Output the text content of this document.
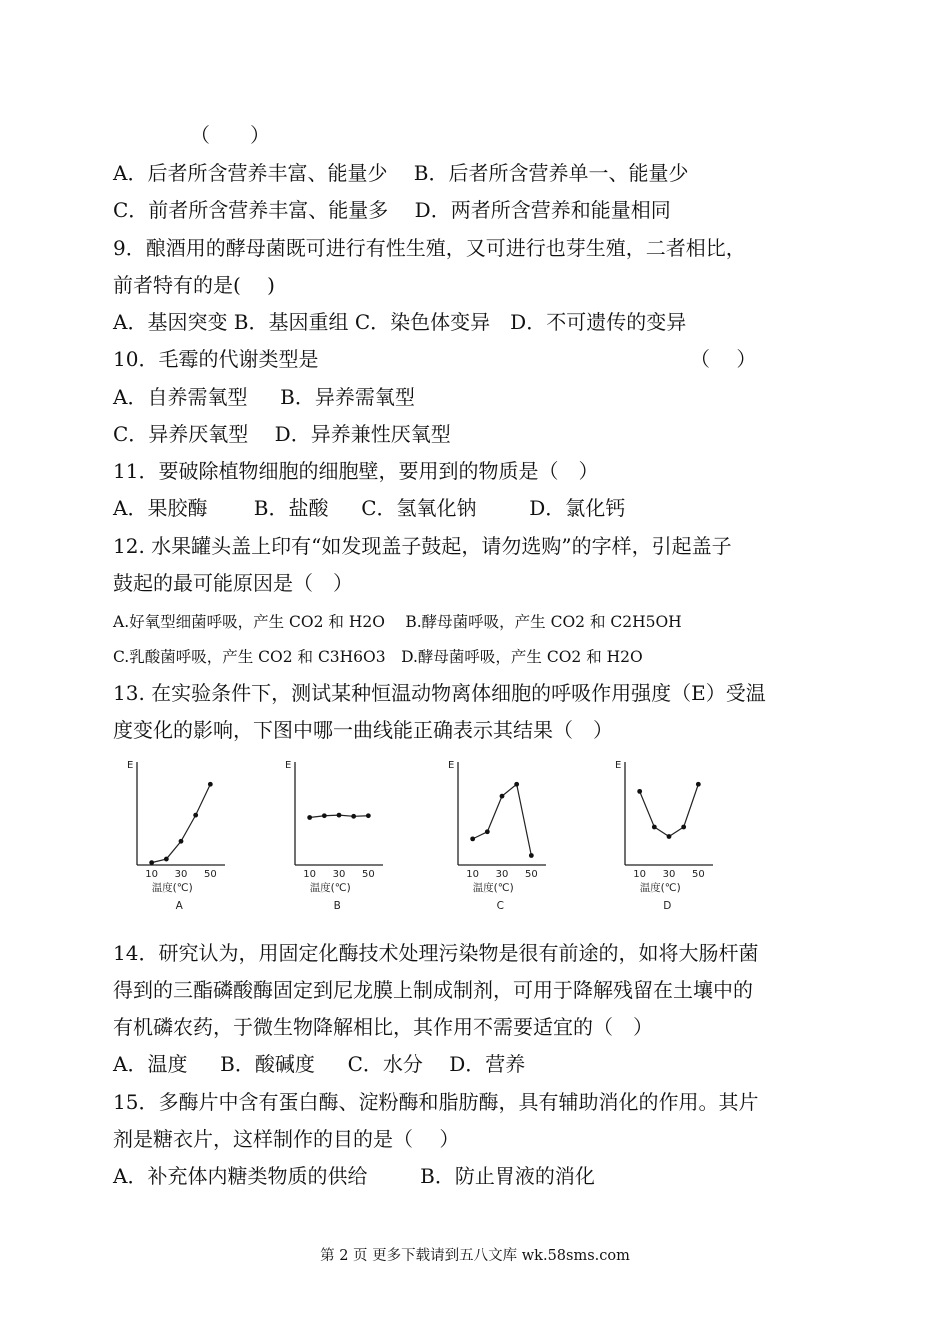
（　　）
A．后者所含营养丰富、能量少　 B．后者所含营养单一、能量少
C．前者所含营养丰富、能量多　 D．两者所含营养和能量相同
9．酿酒用的酵母菌既可进行有性生殖，又可进行也芽生殖，二者相比，
前者特有的是(　 )
A．基因突变 B．基因重组 C．染色体变异　D．不可遗传的变异
10．毛霉的代谢类型是	（　 ）
A．自养需氧型 　 B．异养需氧型
C．异养厌氧型　 D．异养兼性厌氧型
11．要破除植物细胞的细胞壁，要用到的物质是（　）
A．果胶酶 　　B．盐酸 　 C．氢氧化钠　 　 D．氯化钙
12. 水果罐头盖上印有“如发现盖子鼓起，请勿选购”的字样，引起盖子
鼓起的最可能原因是（　）
A.好氧型细菌呼吸，产生 CO2 和 H2O　 B.酵母菌呼吸，产生 CO2 和 C2H5OH
C.乳酸菌呼吸，产生 CO2 和 C3H6O3　D.酵母菌呼吸，产生 CO2 和 H2O
13. 在实验条件下，测试某种恒温动物离体细胞的呼吸作用强度（E）受温
度变化的影响，下图中哪一曲线能正确表示其结果（　）
E
10 30 50
温度(℃)
A
E
10 30 50
温度(℃)
B
E
10 30 50
温度(℃)
C
E
10 30 50
温度(℃)
D
14．研究认为，用固定化酶技术处理污染物是很有前途的，如将大肠杆菌
得到的三酯磷酸酶固定到尼龙膜上制成制剂，可用于降解残留在土壤中的
有机磷农药，于微生物降解相比，其作用不需要适宜的（　）
A．温度 　 B．酸碱度 　 C．水分 　D．营养
15．多酶片中含有蛋白酶、淀粉酶和脂肪酶，具有辅助消化的作用。其片
剂是糖衣片，这样制作的目的是（　 ）
A．补充体内糖类物质的供给 　　 B．防止胃液的消化
第 2 页 更多下载请到五八文库 wk.58sms.com
